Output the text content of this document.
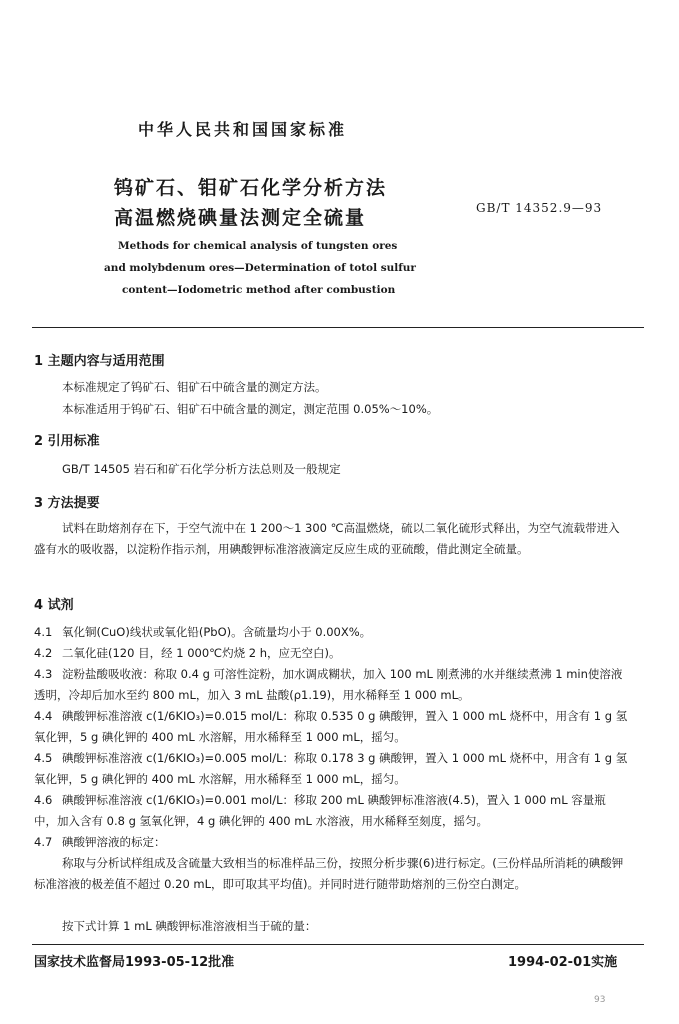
中华人民共和国国家标准
钨矿石、钼矿石化学分析方法
高温燃烧碘量法测定全硫量	GB/T 14352.9—93
Methods for chemical analysis of tungsten ores
and molybdenum ores—Determination of totol sulfur
content—Iodometric method after combustion
1 主题内容与适用范围
本标准规定了钨矿石、钼矿石中硫含量的测定方法。
本标准适用于钨矿石、钼矿石中硫含量的测定，测定范围 0.05%～10%。
2 引用标准
GB/T 14505 岩石和矿石化学分析方法总则及一般规定
3 方法提要
试料在助熔剂存在下，于空气流中在 1 200～1 300 ℃高温燃烧，硫以二氧化硫形式释出，为空气流载带进入盛有水的吸收器，以淀粉作指示剂，用碘酸钾标准溶液滴定反应生成的亚硫酸，借此测定全硫量。
4 试剂
4.1 氧化铜(CuO)线状或氧化铅(PbO)。含硫量均小于 0.00X%。
4.2 二氧化硅(120 目，经 1 000℃灼烧 2 h，应无空白)。
4.3 淀粉盐酸吸收液：称取 0.4 g 可溶性淀粉，加水调成糊状，加入 100 mL 刚煮沸的水并继续煮沸 1 min使溶液透明，冷却后加水至约 800 mL，加入 3 mL 盐酸(ρ1.19)，用水稀释至 1 000 mL。
4.4 碘酸钾标准溶液 c(1/6KIO₃)=0.015 mol/L：称取 0.535 0 g 碘酸钾，置入 1 000 mL 烧杯中，用含有 1 g 氢氧化钾，5 g 碘化钾的 400 mL 水溶解，用水稀释至 1 000 mL，摇匀。
4.5 碘酸钾标准溶液 c(1/6KIO₃)=0.005 mol/L：称取 0.178 3 g 碘酸钾，置入 1 000 mL 烧杯中，用含有 1 g 氢氧化钾，5 g 碘化钾的 400 mL 水溶解，用水稀释至 1 000 mL，摇匀。
4.6 碘酸钾标准溶液 c(1/6KIO₃)=0.001 mol/L：移取 200 mL 碘酸钾标准溶液(4.5)，置入 1 000 mL 容量瓶中，加入含有 0.8 g 氢氧化钾，4 g 碘化钾的 400 mL 水溶液，用水稀释至刻度，摇匀。
4.7 碘酸钾溶液的标定：
称取与分析试样组成及含硫量大致相当的标准样品三份，按照分析步骤(6)进行标定。(三份样品所消耗的碘酸钾标准溶液的极差值不超过 0.20 mL，即可取其平均值)。并同时进行随带助熔剂的三份空白测定。
按下式计算 1 mL 碘酸钾标准溶液相当于硫的量：
国家技术监督局1993-05-12批准	1994-02-01实施
93
